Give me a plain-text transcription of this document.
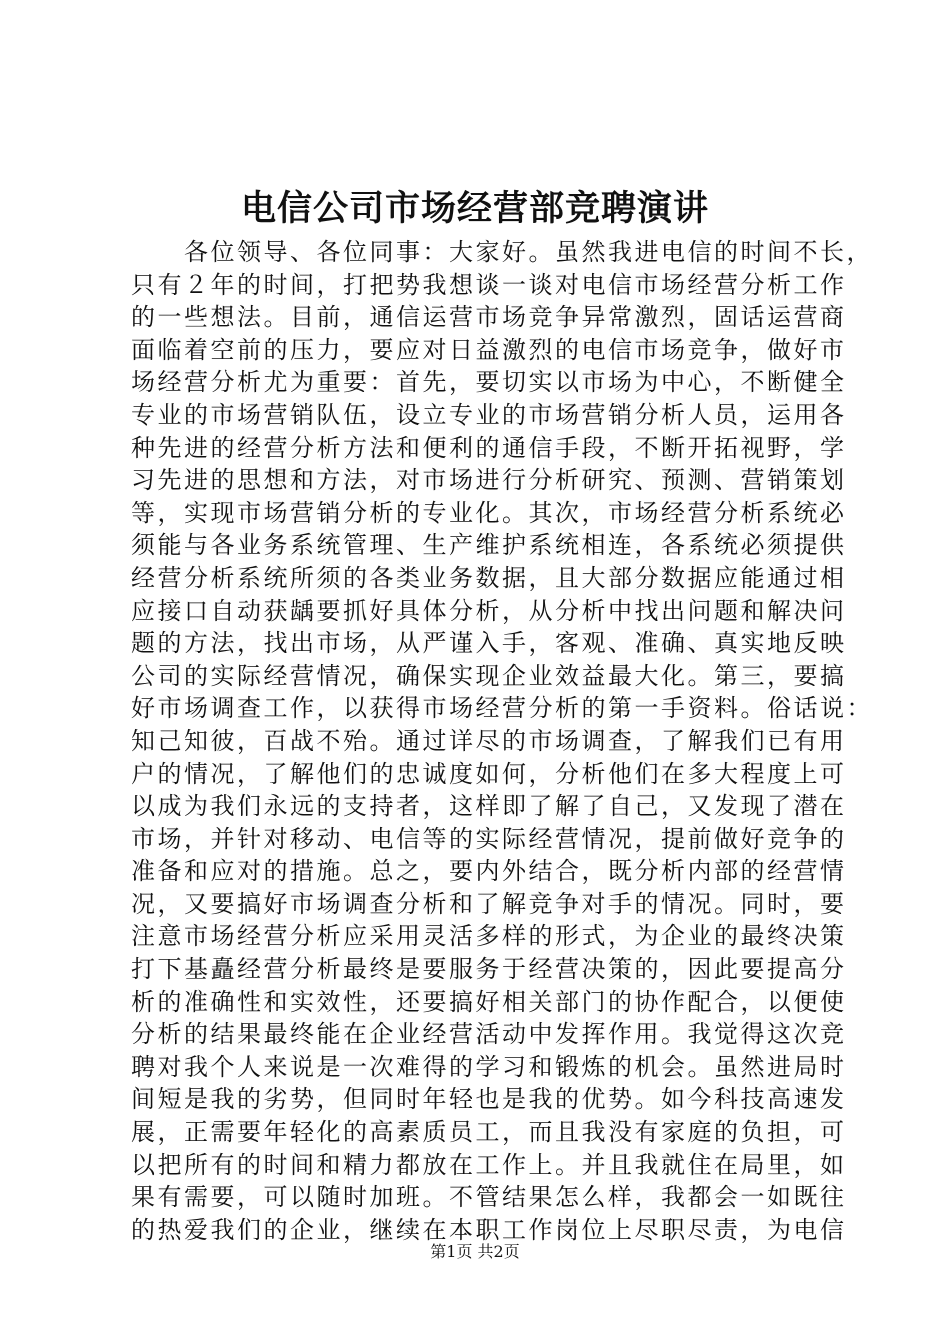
电信公司市场经营部竞聘演讲
　　各位领导、各位同事：大家好。虽然我进电信的时间不长，
只有２年的时间，打把势我想谈一谈对电信市场经营分析工作
的一些想法。目前，通信运营市场竞争异常激烈，固话运营商
面临着空前的压力，要应对日益激烈的电信市场竞争，做好市
场经营分析尤为重要：首先，要切实以市场为中心，不断健全
专业的市场营销队伍，设立专业的市场营销分析人员，运用各
种先进的经营分析方法和便利的通信手段，不断开拓视野，学
习先进的思想和方法，对市场进行分析研究、预测、营销策划
等，实现市场营销分析的专业化。其次，市场经营分析系统必
须能与各业务系统管理、生产维护系统相连，各系统必须提供
经营分析系统所须的各类业务数据，且大部分数据应能通过相
应接口自动获龋要抓好具体分析，从分析中找出问题和解决问
题的方法，找出市场，从严谨入手，客观、准确、真实地反映
公司的实际经营情况，确保实现企业效益最大化。第三，要搞
好市场调查工作，以获得市场经营分析的第一手资料。俗话说：
知己知彼，百战不殆。通过详尽的市场调查，了解我们已有用
户的情况，了解他们的忠诚度如何，分析他们在多大程度上可
以成为我们永远的支持者，这样即了解了自己，又发现了潜在
市场，并针对移动、电信等的实际经营情况，提前做好竞争的
准备和应对的措施。总之，要内外结合，既分析内部的经营情
况，又要搞好市场调查分析和了解竞争对手的情况。同时，要
注意市场经营分析应采用灵活多样的形式，为企业的最终决策
打下基矗经营分析最终是要服务于经营决策的，因此要提高分
析的准确性和实效性，还要搞好相关部门的协作配合，以便使
分析的结果最终能在企业经营活动中发挥作用。我觉得这次竞
聘对我个人来说是一次难得的学习和锻炼的机会。虽然进局时
间短是我的劣势，但同时年轻也是我的优势。如今科技高速发
展，正需要年轻化的高素质员工，而且我没有家庭的负担，可
以把所有的时间和精力都放在工作上。并且我就住在局里，如
果有需要，可以随时加班。不管结果怎么样，我都会一如既往
的热爱我们的企业，继续在本职工作岗位上尽职尽责，为电信
第1页 共2页
